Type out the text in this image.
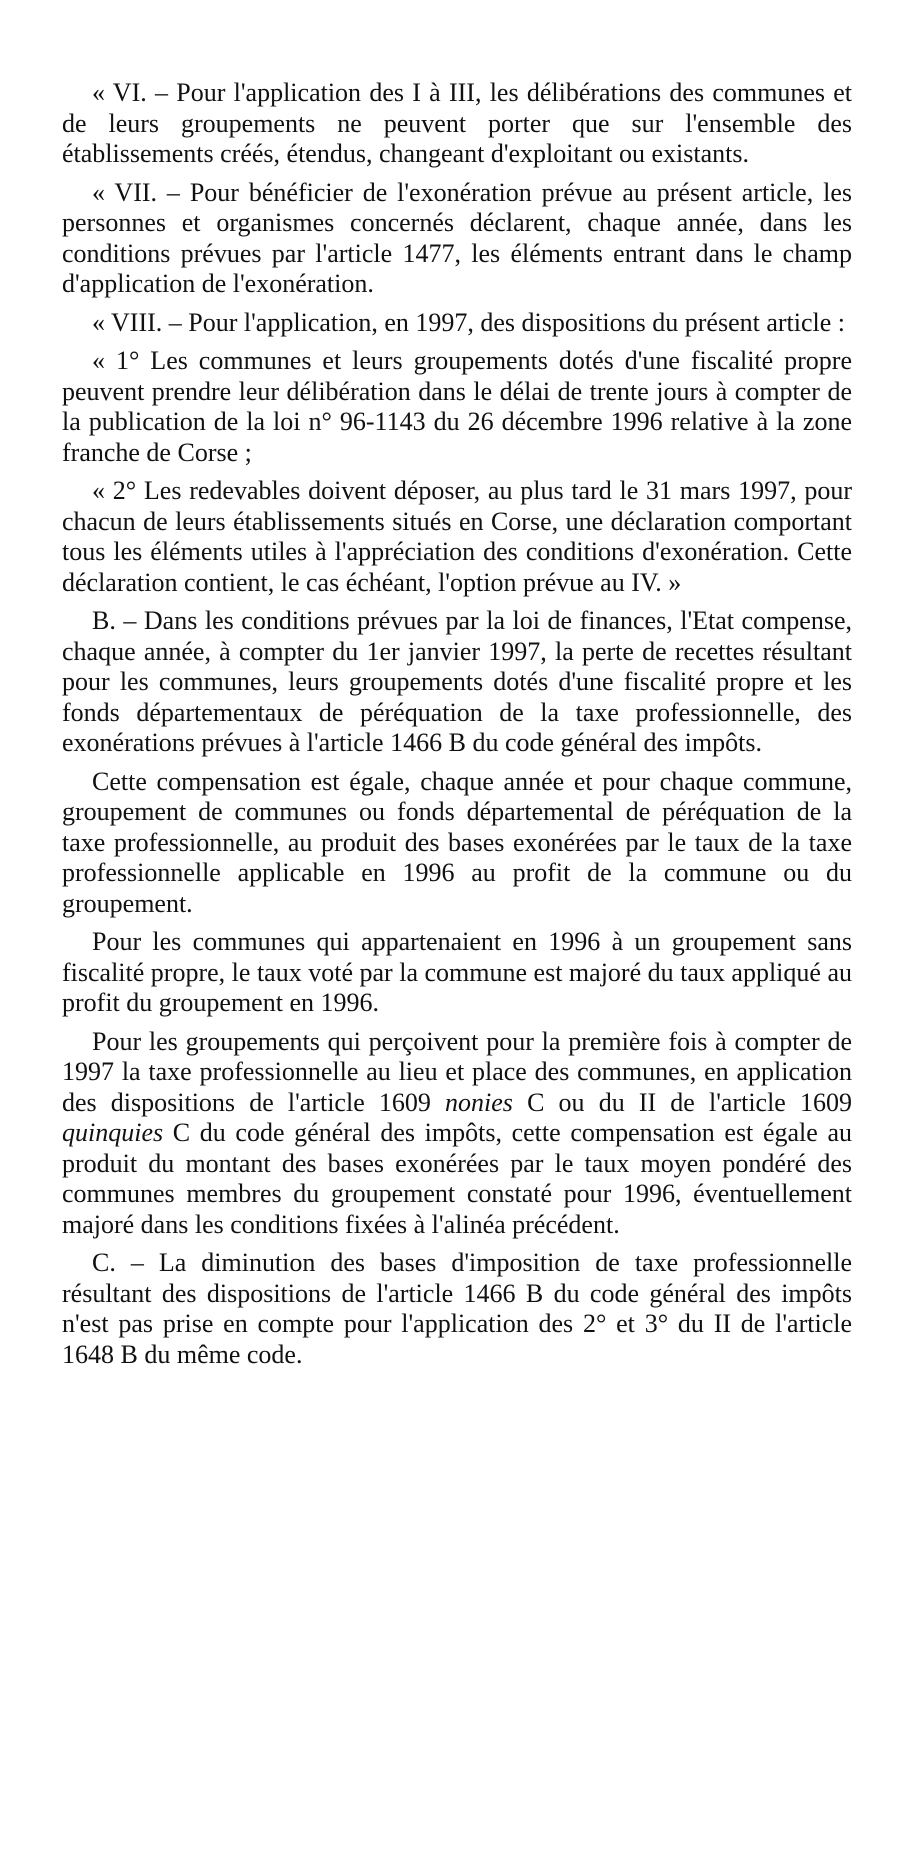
« VI. – Pour l'application des I à III, les délibérations des communes et de leurs groupements ne peuvent porter que sur l'ensemble des établissements créés, étendus, changeant d'exploitant ou existants.

« VII. – Pour bénéficier de l'exonération prévue au présent article, les personnes et organismes concernés déclarent, chaque année, dans les conditions prévues par l'article 1477, les éléments entrant dans le champ d'application de l'exonération.

« VIII. – Pour l'application, en 1997, des dispositions du présent article :

« 1° Les communes et leurs groupements dotés d'une fiscalité propre peuvent prendre leur délibération dans le délai de trente jours à compter de la publication de la loi n° 96-1143 du 26 décembre 1996 relative à la zone franche de Corse ;

« 2° Les redevables doivent déposer, au plus tard le 31 mars 1997, pour chacun de leurs établissements situés en Corse, une déclaration comportant tous les éléments utiles à l'appréciation des conditions d'exonération. Cette déclaration contient, le cas échéant, l'option prévue au IV. »

B. – Dans les conditions prévues par la loi de finances, l'Etat compense, chaque année, à compter du 1er janvier 1997, la perte de recettes résultant pour les communes, leurs groupements dotés d'une fiscalité propre et les fonds départementaux de péréquation de la taxe professionnelle, des exonérations prévues à l'article 1466 B du code général des impôts.

Cette compensation est égale, chaque année et pour chaque commune, groupement de communes ou fonds départemental de péréquation de la taxe professionnelle, au produit des bases exonérées par le taux de la taxe professionnelle applicable en 1996 au profit de la commune ou du groupement.

Pour les communes qui appartenaient en 1996 à un groupement sans fiscalité propre, le taux voté par la commune est majoré du taux appliqué au profit du groupement en 1996.

Pour les groupements qui perçoivent pour la première fois à compter de 1997 la taxe professionnelle au lieu et place des communes, en application des dispositions de l'article 1609 nonies C ou du II de l'article 1609 quinquies C du code général des impôts, cette compensation est égale au produit du montant des bases exonérées par le taux moyen pondéré des communes membres du groupement constaté pour 1996, éventuellement majoré dans les conditions fixées à l'alinéa précédent.

C. – La diminution des bases d'imposition de taxe professionnelle résultant des dispositions de l'article 1466 B du code général des impôts n'est pas prise en compte pour l'application des 2° et 3° du II de l'article 1648 B du même code.
